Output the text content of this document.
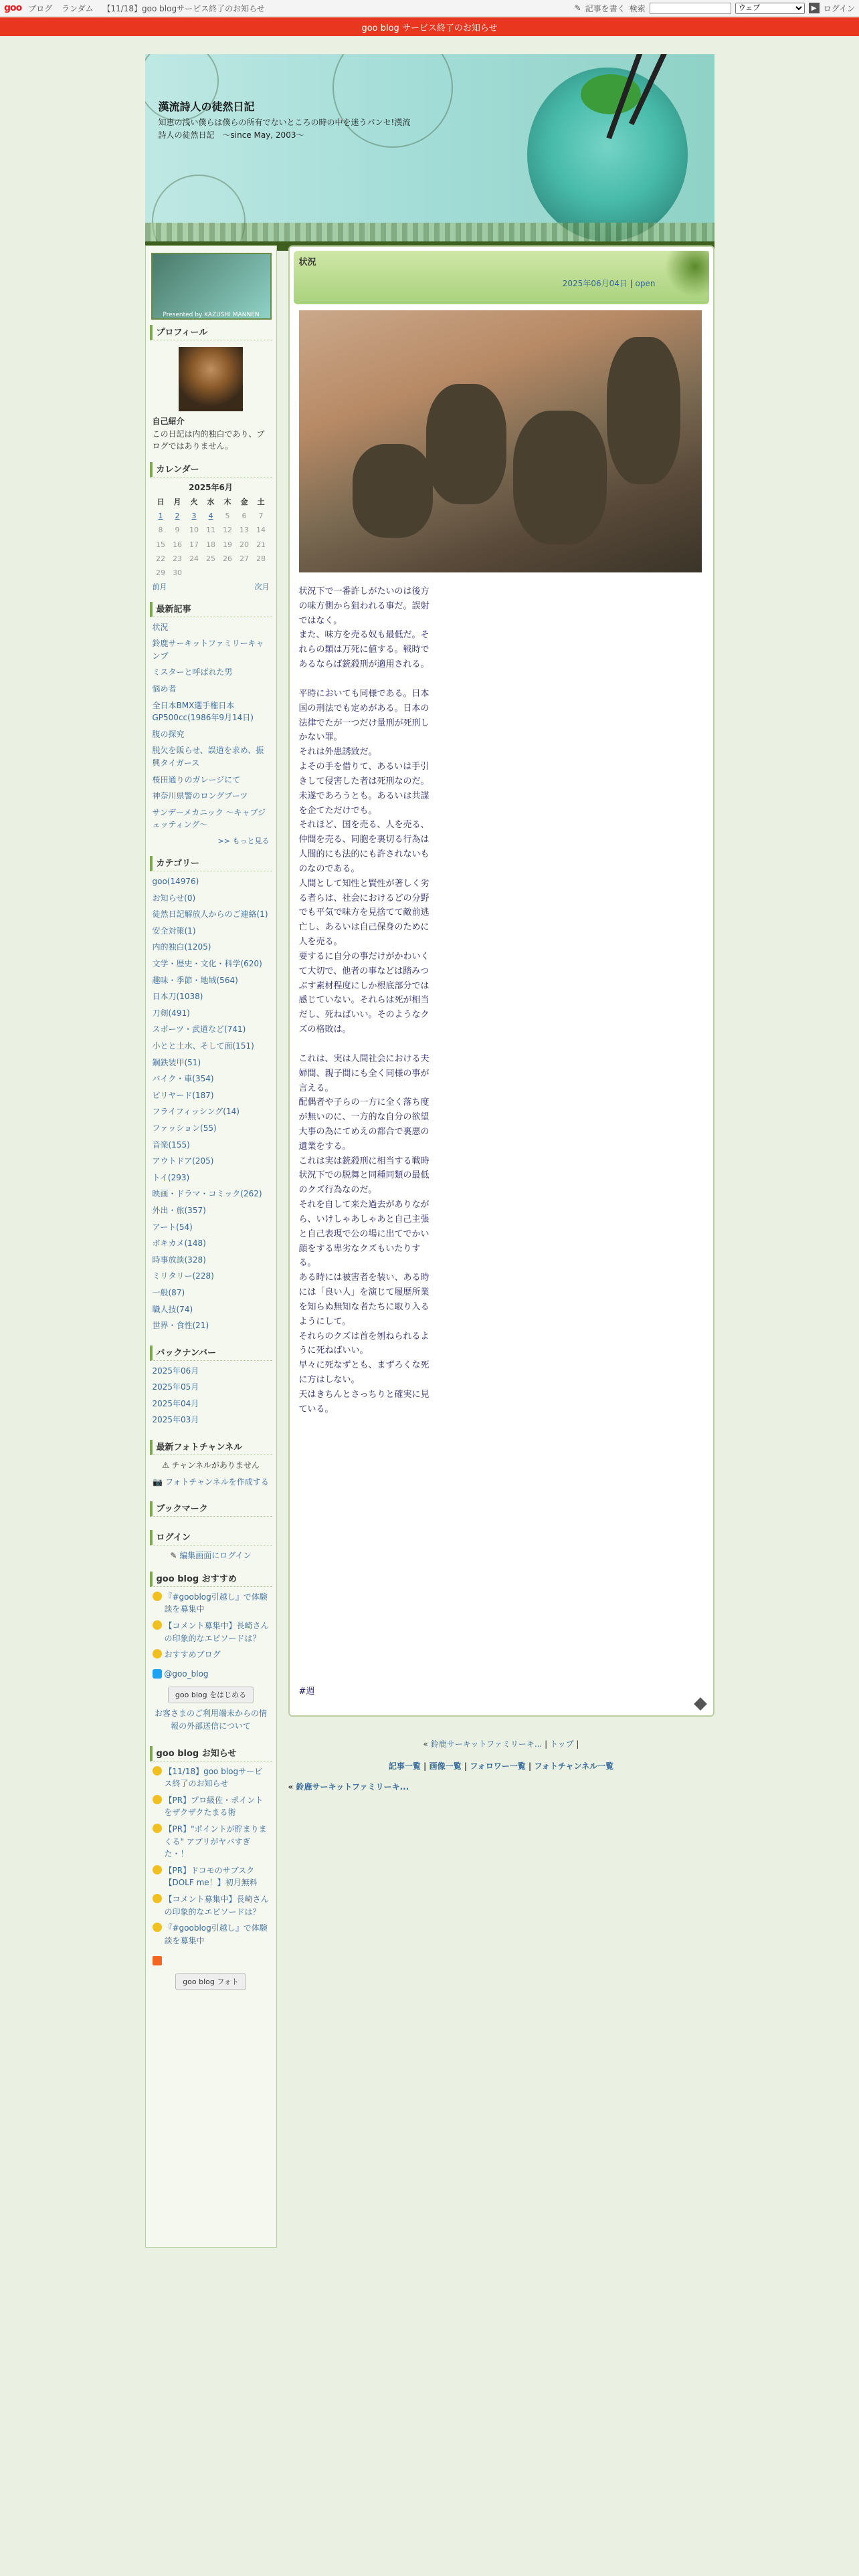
goo ブログ ランダム 【11/18】goo blogサービス終了のお知らせ	✎ 記事を書く 検索
ウェブ	▶ ログイン
goo blog サービス終了のお知らせ
漢流詩人の徒然日記
知恵の浅い僕らは僕らの所有でないところの時の中を迷うパンセ!漢流詩人の徒然日記　〜since May, 2003〜
Presented by KAZUSHI MANNEN
プロフィール
自己紹介
この日記は内的独白であり、ブログではありません。
カレンダー
2025年6月
日	月	火	水	木	金	土
1	2	3	4	5	6	7
8	9	10	11	12	13	14
15	16	17	18	19	20	21
22	23	24	25	26	27	28
29	30					
前月	次月
最新記事
状況
鈴鹿サーキットファミリーキャンプ
ミスターと呼ばれた男
悩め者
全日本BMX選手権日本GP500cc(1986年9月14日)
腹の探究
脱欠を販らせ、誤道を求め、振興タイガース
桜田通りのガレージにて
神奈川県警のロングブーツ
サンデーメカニック 〜キャブジェッティング〜
>> もっと見る
カテゴリー
goo(14976)
お知らせ(0)
徒然日記解放人からのご連絡(1)
安全対策(1)
内的独白(1205)
文学・歴史・文化・科学(620)
趣味・季節・地域(564)
日本刀(1038)
刀剣(491)
スポーツ・武道など(741)
小とと土水、そして面(151)
鋼鉄装甲(51)
バイク・車(354)
ビリヤード(187)
フライフィッシング(14)
ファッション(55)
音楽(155)
アウトドア(205)
トイ(293)
映画・ドラマ・コミック(262)
外出・旅(357)
アート(54)
ボキカメ(148)
時事放談(328)
ミリタリー(228)
一般(87)
職人技(74)
世界・食性(21)
バックナンバー
2025年06月
2025年05月
2025年04月
2025年03月
最新フォトチャンネル
⚠ チャンネルがありません
📷 フォトチャンネルを作成する
ブックマーク
ログイン
✎ 編集画面にログイン
goo blog おすすめ
『#gooblog引越し』で体験談を募集中
【コメント募集中】長崎さんの印象的なエピソードは？
おすすめブログ
@goo_blog
goo blog をはじめる
お客さまのご利用端末からの情報の外部送信について
goo blog お知らせ
【11/18】goo blogサービス終了のお知らせ
【PR】プロ級佐・ポイントをザクザクたまる術
【PR】"ポイントが貯まりまくる" アプリがヤバすぎた・！
【PR】ドコモのサブスク【DOLF me！】初月無料
【コメント募集中】長崎さんの印象的なエピソードは？
『#gooblog引越し』で体験談を募集中
goo blog フォト
状況
2025年06月04日 | open

状況下で一番許しがたいのは後方の味方側から狙われる事だ。誤射ではなく。
また、味方を売る奴も最低だ。それらの類は万死に値する。戦時であるならば銃殺刑が適用される。

平時においても同様である。日本国の刑法でも定めがある。日本の法律でたが一つだけ量刑が死刑しかない罪。
それは外患誘致だ。
よその手を借りて、あるいは手引きして侵害した者は死刑なのだ。未遂であろうとも。あるいは共謀を企てただけでも。
それほど、国を売る、人を売る、仲間を売る、同胞を裏切る行為は人間的にも法的にも許されないものなのである。
人間として知性と賢性が著しく劣る者らは、社会におけるどの分野でも平気で味方を見捨てて敵前逃亡し、あるいは自己保身のために人を売る。
要するに自分の事だけがかわいくて大切で、他者の事などは踏みつぶす素材程度にしか根底部分では感じていない。それらは死が相当だし、死ねばいい。そのようなクズの格敗は。

これは、実は人間社会における夫婦間、親子間にも全く同様の事が言える。
配偶者や子らの一方に全く落ち度が無いのに、一方的な自分の欲望大事の為にてめえの都合で裏悪の遺業をする。
これは実は銃殺刑に相当する戦時状況下での脱舞と同種同類の最低のクズ行為なのだ。
それを自して来た過去がありながら、いけしゃあしゃあと自己主張と自己表現で公の場に出てでかい顔をする卑劣なクズもいたりする。
ある時には被害者を装い、ある時には「良い人」を演じて履歴所業を知らぬ無知な者たちに取り入るようにして。
それらのクズは首を刎ねられるように死ねばいい。
早々に死なずとも、まずろくな死に方はしない。
天はきちんとさっちりと確実に見ている。

#週
« 鈴鹿サーキットファミリーキ... | トップ |
記事一覧 | 画像一覧 | フォロワー一覧 | フォトチャンネル一覧
« 鈴鹿サーキットファミリーキ...
